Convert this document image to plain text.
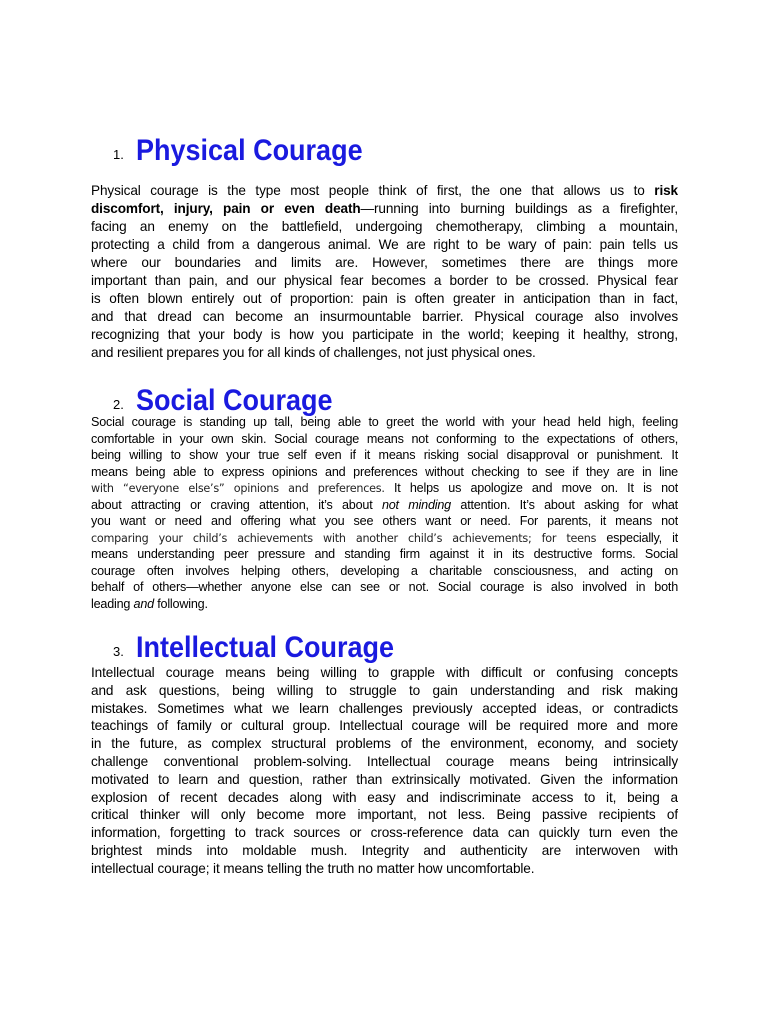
1. Physical Courage
Physical courage is the type most people think of first, the one that allows us to risk
discomfort, injury, pain or even death—running into burning buildings as a firefighter,
facing an enemy on the battlefield, undergoing chemotherapy, climbing a mountain,
protecting a child from a dangerous animal. We are right to be wary of pain: pain tells us
where our boundaries and limits are. However, sometimes there are things more
important than pain, and our physical fear becomes a border to be crossed. Physical fear
is often blown entirely out of proportion: pain is often greater in anticipation than in fact,
and that dread can become an insurmountable barrier. Physical courage also involves
recognizing that your body is how you participate in the world; keeping it healthy, strong,
and resilient prepares you for all kinds of challenges, not just physical ones.
2. Social Courage
Social courage is standing up tall, being able to greet the world with your head held high, feeling
comfortable in your own skin. Social courage means not conforming to the expectations of others,
being willing to show your true self even if it means risking social disapproval or punishment. It
means being able to express opinions and preferences without checking to see if they are in line
with “everyone else’s” opinions and preferences. It helps us apologize and move on. It is not
about attracting or craving attention, it’s about not minding attention. It’s about asking for what
you want or need and offering what you see others want or need. For parents, it means not
comparing your child’s achievements with another child’s achievements; for teens especially, it
means understanding peer pressure and standing firm against it in its destructive forms. Social
courage often involves helping others, developing a charitable consciousness, and acting on
behalf of others—whether anyone else can see or not. Social courage is also involved in both
leading and following.
3. Intellectual Courage
Intellectual courage means being willing to grapple with difficult or confusing concepts
and ask questions, being willing to struggle to gain understanding and risk making
mistakes. Sometimes what we learn challenges previously accepted ideas, or contradicts
teachings of family or cultural group. Intellectual courage will be required more and more
in the future, as complex structural problems of the environment, economy, and society
challenge conventional problem-solving. Intellectual courage means being intrinsically
motivated to learn and question, rather than extrinsically motivated. Given the information
explosion of recent decades along with easy and indiscriminate access to it, being a
critical thinker will only become more important, not less. Being passive recipients of
information, forgetting to track sources or cross-reference data can quickly turn even the
brightest minds into moldable mush. Integrity and authenticity are interwoven with
intellectual courage; it means telling the truth no matter how uncomfortable.
